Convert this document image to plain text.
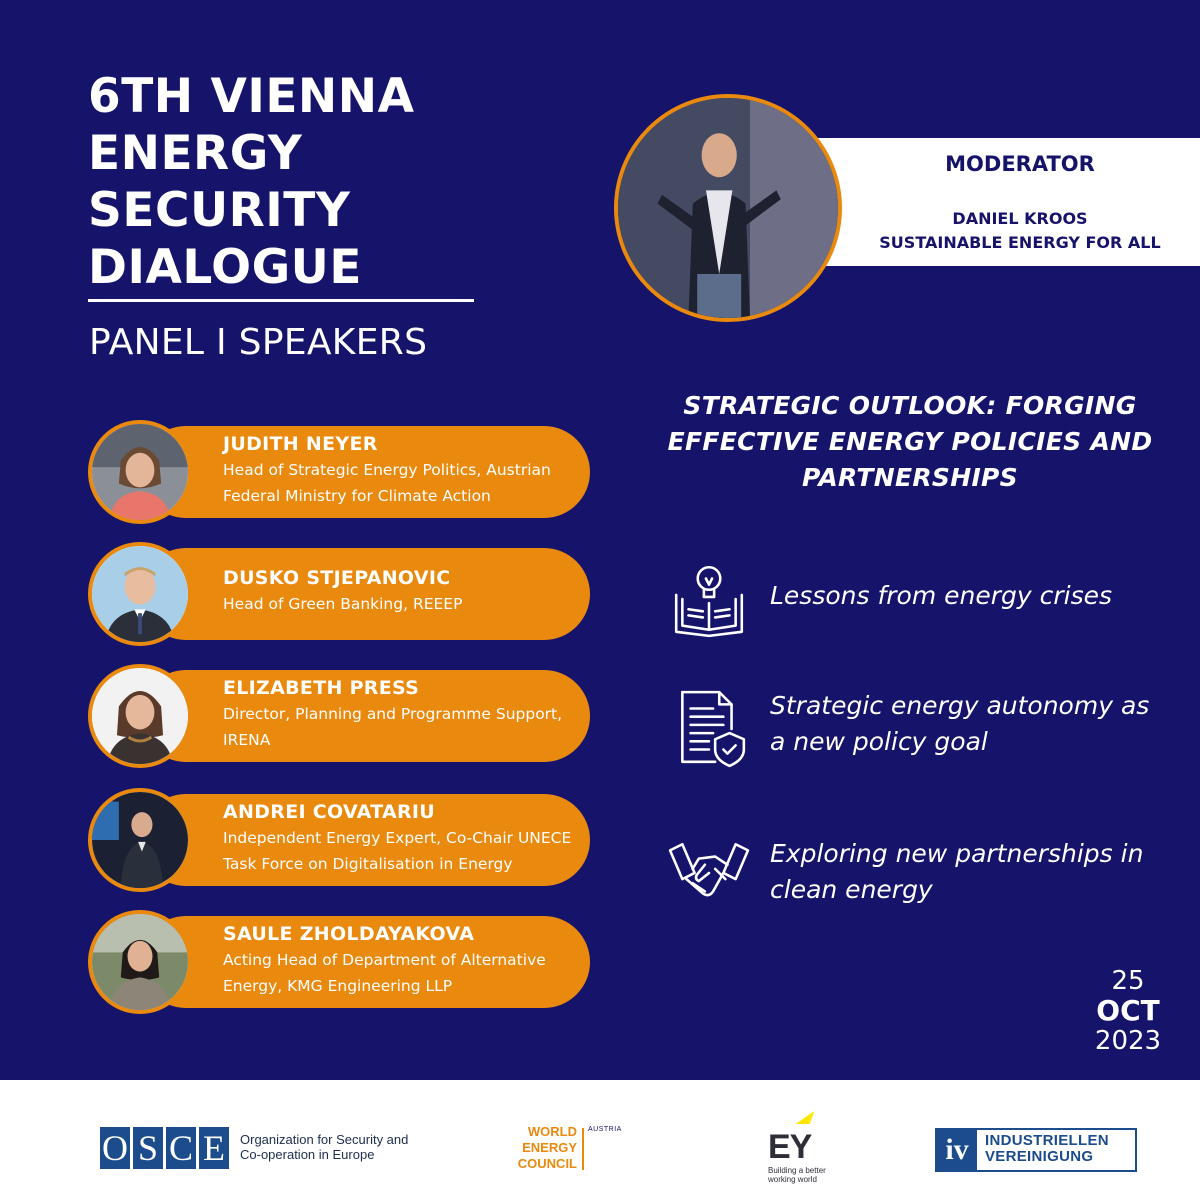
6TH VIENNA
ENERGY
SECURITY
DIALOGUE
PANEL I SPEAKERS
JUDITH NEYER
Head of Strategic Energy Politics, Austrian Federal Ministry for Climate Action
DUSKO STJEPANOVIC
Head of Green Banking, REEEP
ELIZABETH PRESS
Director, Planning and Programme Support, IRENA
ANDREI COVATARIU
Independent Energy Expert, Co-Chair UNECE Task Force on Digitalisation in Energy
SAULE ZHOLDAYAKOVA
Acting Head of Department of Alternative Energy, KMG Engineering LLP
MODERATOR
DANIEL KROOS
SUSTAINABLE ENERGY FOR ALL
STRATEGIC OUTLOOK: FORGING
EFFECTIVE ENERGY POLICIES AND
PARTNERSHIPS
Lessons from energy crises
Strategic energy autonomy as a new policy goal
Exploring new partnerships in clean energy
25
OCT
2023
O S C E	Organization for Security and
Co-operation in Europe
WORLD
ENERGY
COUNCIL
AUSTRIA	EY
Building a better
working world
iv	INDUSTRIELLEN
VEREINIGUNG
